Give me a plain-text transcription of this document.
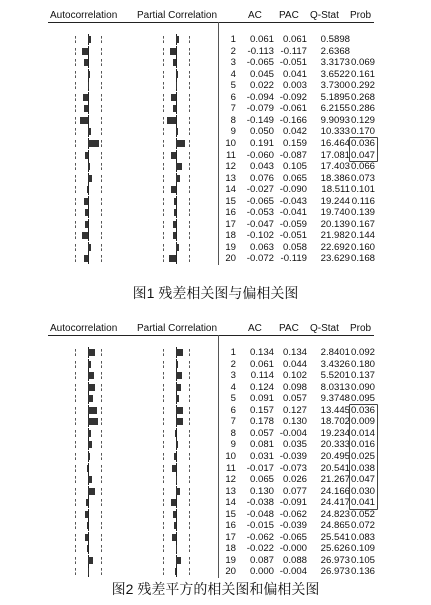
Autocorrelation Partial Correlation	AC PAC Q-Stat Prob
1	0.061 0.061	0.5898
2	-0.113 -0.117	2.6368
3	-0.065 -0.051	3.3173 0.069
4	0.045 0.041	3.6522 0.161
5	0.022 0.003	3.7300 0.292
6	-0.094 -0.092	5.1895 0.268
7	-0.079 -0.061	6.2155 0.286
8	-0.149 -0.166	9.9093 0.129
9	0.050 0.042	10.333 0.170
10	0.191 0.159	16.464 0.036
11	-0.060 -0.087	17.081 0.047
12	0.043 0.105	17.403 0.066
13	0.076 0.065	18.386 0.073
14	-0.027 -0.090	18.511 0.101
15	-0.065 -0.043	19.244 0.116
16	-0.053 -0.041	19.740 0.139
17	-0.047 -0.059	20.139 0.167
18	-0.102 -0.051	21.982 0.144
19	0.063 0.058	22.692 0.160
20	-0.072 -0.119	23.629 0.168
图1 残差相关图与偏相关图
Autocorrelation Partial Correlation	AC PAC Q-Stat Prob
1	0.134 0.134	2.8401 0.092
2	0.061 0.044	3.4326 0.180
3	0.114 0.102	5.5201 0.137
4	0.124 0.098	8.0313 0.090
5	0.091 0.057	9.3748 0.095
6	0.157 0.127	13.445 0.036
7	0.178 0.130	18.702 0.009
8	0.057 -0.004	19.234 0.014
9	0.081 0.035	20.333 0.016
10	0.031 -0.039	20.495 0.025
11	-0.017 -0.073	20.541 0.038
12	0.065 0.026	21.267 0.047
13	0.130 0.077	24.166 0.030
14	-0.038 -0.091	24.417 0.041
15	-0.048 -0.062	24.823 0.052
16	-0.015 -0.039	24.865 0.072
17	-0.062 -0.065	25.541 0.083
18	-0.022 -0.000	25.626 0.109
19	0.087 0.088	26.973 0.105
20	0.000 -0.004	26.973 0.136
图2 残差平方的相关图和偏相关图
